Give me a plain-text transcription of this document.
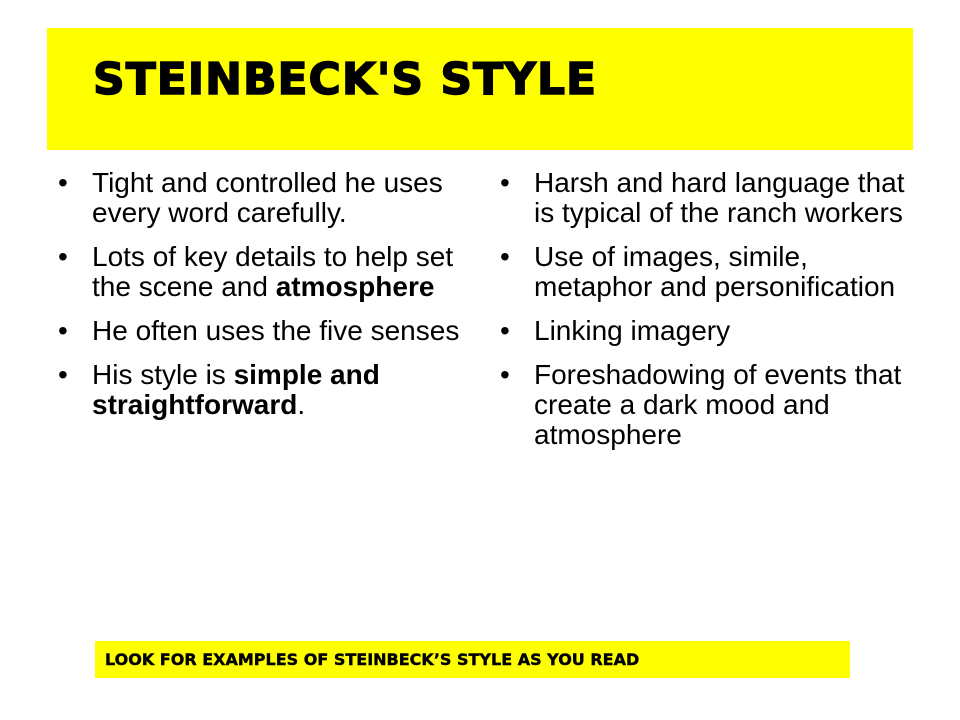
STEINBECK'S STYLE
• Tight and controlled he uses every word carefully.
• Lots of key details to help set the scene and atmosphere
• He often uses the five senses
• His style is simple and straightforward.
• Harsh and hard language that is typical of the ranch workers
• Use of images, simile, metaphor and personification
• Linking imagery
• Foreshadowing of events that create a dark mood and atmosphere

LOOK FOR EXAMPLES OF STEINBECK’S STYLE AS YOU READ
